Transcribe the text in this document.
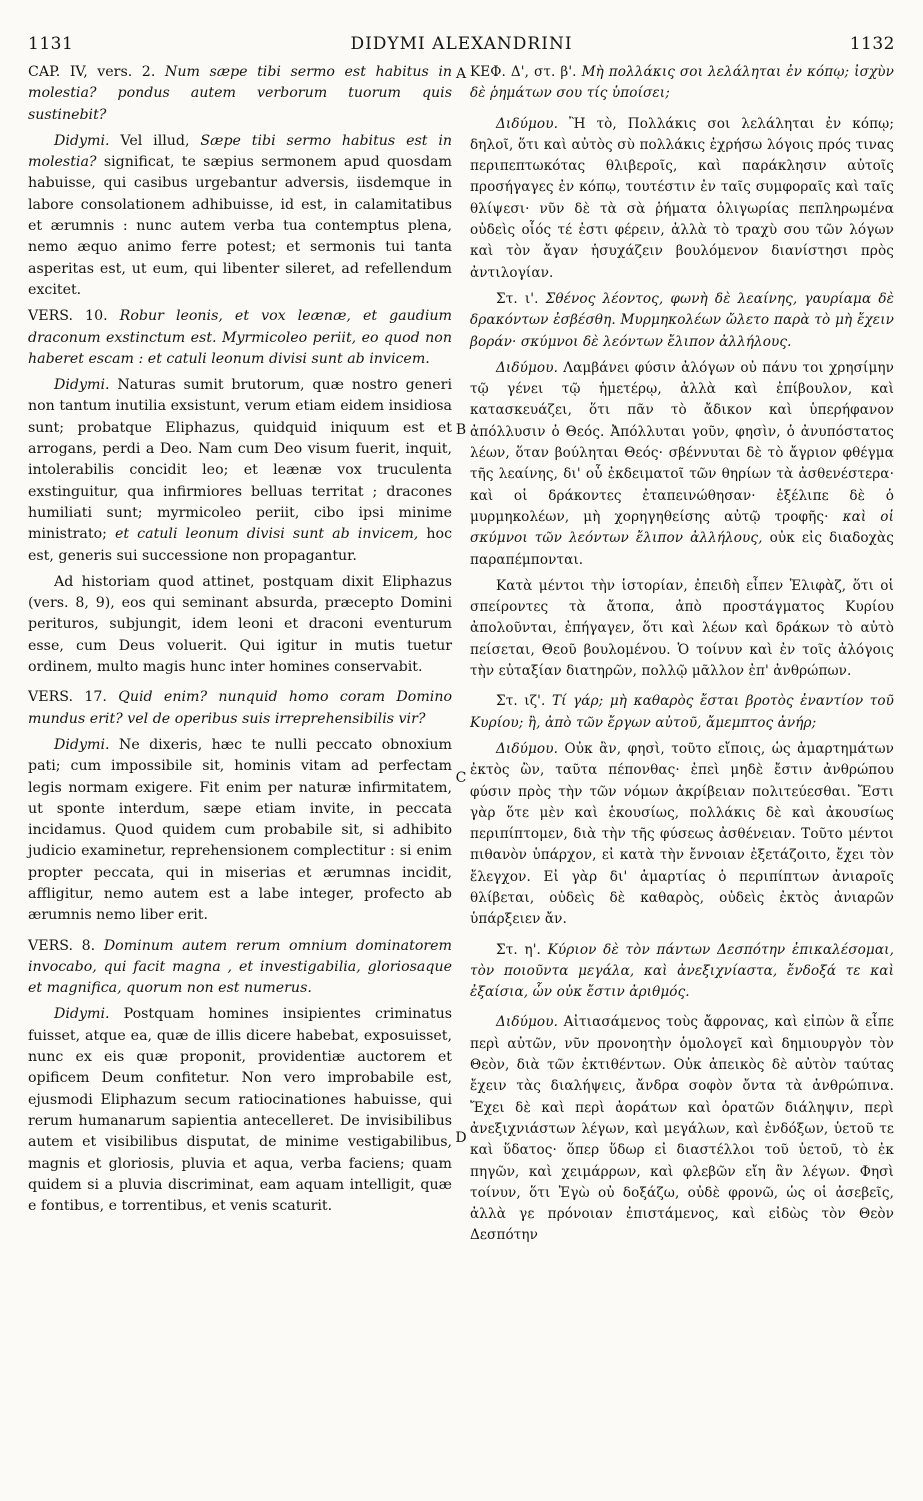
1131	DIDYMI ALEXANDRINI	1132
A
B
C
D

CAP. IV, vers. 2. Num sæpe tibi sermo est habitus in molestia? pondus autem verborum tuorum quis sustinebit?

Didymi. Vel illud, Sæpe tibi sermo habitus est in molestia? significat, te sæpius sermonem apud quosdam habuisse, qui casibus urgebantur adversis, iisdemque in labore consolationem adhibuisse, id est, in calamitatibus et ærumnis : nunc autem verba tua contemptus plena, nemo æquo animo ferre potest; et sermonis tui tanta asperitas est, ut eum, qui libenter sileret, ad refellendum excitet.

VERS. 10. Robur leonis, et vox leænæ, et gaudium draconum exstinctum est. Myrmicoleo periit, eo quod non haberet escam : et catuli leonum divisi sunt ab invicem.

Didymi. Naturas sumit brutorum, quæ nostro generi non tantum inutilia exsistunt, verum etiam eidem insidiosa sunt; probatque Eliphazus, quidquid iniquum est et arrogans, perdi a Deo. Nam cum Deo visum fuerit, inquit, intolerabilis concidit leo; et leænæ vox truculenta exstinguitur, qua infirmiores belluas territat ; dracones humiliati sunt; myrmicoleo periit, cibo ipsi minime ministrato; et catuli leonum divisi sunt ab invicem, hoc est, generis sui successione non propagantur.

Ad historiam quod attinet, postquam dixit Eliphazus (vers. 8, 9), eos qui seminant absurda, præcepto Domini perituros, subjungit, idem leoni et draconi eventurum esse, cum Deus voluerit. Qui igitur in mutis tuetur ordinem, multo magis hunc inter homines conservabit.

VERS. 17. Quid enim? nunquid homo coram Domino mundus erit? vel de operibus suis irreprehensibilis vir?

Didymi. Ne dixeris, hæc te nulli peccato obnoxium pati; cum impossibile sit, hominis vitam ad perfectam legis normam exigere. Fit enim per naturæ infirmitatem, ut sponte interdum, sæpe etiam invite, in peccata incidamus. Quod quidem cum probabile sit, si adhibito judicio examinetur, reprehensionem complectitur : si enim propter peccata, qui in miserias et ærumnas incidit, affligitur, nemo autem est a labe integer, profecto ab ærumnis nemo liber erit.

VERS. 8. Dominum autem rerum omnium dominatorem invocabo, qui facit magna , et investigabilia, gloriosaque et magnifica, quorum non est numerus.

Didymi. Postquam homines insipientes criminatus fuisset, atque ea, quæ de illis dicere habebat, exposuisset, nunc ex eis quæ proponit, providentiæ auctorem et opificem Deum confitetur. Non vero improbabile est, ejusmodi Eliphazum secum ratiocinationes habuisse, qui rerum humanarum sapientia antecelleret. De invisibilibus autem et visibilibus disputat, de minime vestigabilibus, magnis et gloriosis, pluvia et aqua, verba faciens; quam quidem si a pluvia discriminat, eam aquam intelligit, quæ e fontibus, e torrentibus, et venis scaturit.

ΚΕΦ. Δ', στ. β'. Μὴ πολλάκις σοι λελάληται ἐν κόπῳ; ἰσχὺν δὲ ῥημάτων σου τίς ὑποίσει;

Διδύμου. Ἢ τὸ, Πολλάκις σοι λελάληται ἐν κόπῳ; δηλοῖ, ὅτι καὶ αὐτὸς σὺ πολλάκις ἐχρήσω λόγοις πρός τινας περιπεπτωκότας θλιβεροῖς, καὶ παράκλησιν αὐτοῖς προσήγαγες ἐν κόπῳ, τουτέστιν ἐν ταῖς συμφοραῖς καὶ ταῖς θλίψεσι· νῦν δὲ τὰ σὰ ῥήματα ὀλιγωρίας πεπληρωμένα οὐδεὶς οἷός τέ ἐστι φέρειν, ἀλλὰ τὸ τραχὺ σου τῶν λόγων καὶ τὸν ἄγαν ἡσυχάζειν βουλόμενον διανίστησι πρὸς ἀντιλογίαν.

Στ. ι'. Σθένος λέοντος, φωνὴ δὲ λεαίνης, γαυρίαμα δὲ δρακόντων ἐσβέσθη. Μυρμηκολέων ὤλετο παρὰ τὸ μὴ ἔχειν βοράν· σκύμνοι δὲ λεόντων ἔλιπον ἀλλήλους.

Διδύμου. Λαμβάνει φύσιν ἀλόγων οὐ πάνυ τοι χρησίμην τῷ γένει τῷ ἡμετέρῳ, ἀλλὰ καὶ ἐπίβουλον, καὶ κατασκευάζει, ὅτι πᾶν τὸ ἄδικον καὶ ὑπερήφανον ἀπόλλυσιν ὁ Θεός. Ἀπόλλυται γοῦν, φησὶν, ὁ ἀνυπόστατος λέων, ὅταν βούληται Θεός· σβέννυται δὲ τὸ ἄγριον φθέγμα τῆς λεαίνης, δι' οὗ ἐκδειματοῖ τῶν θηρίων τὰ ἀσθενέστερα· καὶ οἱ δράκοντες ἐταπεινώθησαν· ἐξέλιπε δὲ ὁ μυρμηκολέων, μὴ χορηγηθείσης αὐτῷ τροφῆς· καὶ οἱ σκύμνοι τῶν λεόντων ἔλιπον ἀλλήλους, οὐκ εἰς διαδοχὰς παραπέμπονται.

Κατὰ μέντοι τὴν ἱστορίαν, ἐπειδὴ εἶπεν Ἐλιφὰζ, ὅτι οἱ σπείροντες τὰ ἄτοπα, ἀπὸ προστάγματος Κυρίου ἀπολοῦνται, ἐπήγαγεν, ὅτι καὶ λέων καὶ δράκων τὸ αὐτὸ πείσεται, Θεοῦ βουλομένου. Ὁ τοίνυν καὶ ἐν τοῖς ἀλόγοις τὴν εὐταξίαν διατηρῶν, πολλῷ μᾶλλον ἐπ' ἀνθρώπων.

Στ. ιζ'. Τί γάρ; μὴ καθαρὸς ἔσται βροτὸς ἐναντίον τοῦ Κυρίου; ἢ, ἀπὸ τῶν ἔργων αὐτοῦ, ἄμεμπτος ἀνήρ;

Διδύμου. Οὐκ ἂν, φησὶ, τοῦτο εἴποις, ὡς ἀμαρτημάτων ἐκτὸς ὢν, ταῦτα πέπονθας· ἐπεὶ μηδὲ ἔστιν ἀνθρώπου φύσιν πρὸς τὴν τῶν νόμων ἀκρίβειαν πολιτεύεσθαι. Ἔστι γὰρ ὅτε μὲν καὶ ἑκουσίως, πολλάκις δὲ καὶ ἀκουσίως περιπίπτομεν, διὰ τὴν τῆς φύσεως ἀσθένειαν. Τοῦτο μέντοι πιθανὸν ὑπάρχον, εἰ κατὰ τὴν ἔννοιαν ἐξετάζοιτο, ἔχει τὸν ἔλεγχον. Εἰ γὰρ δι' ἁμαρτίας ὁ περιπίπτων ἀνιαροῖς θλίβεται, οὐδεὶς δὲ καθαρὸς, οὐδεὶς ἐκτὸς ἀνιαρῶν ὑπάρξειεν ἄν.

Στ. η'. Κύριον δὲ τὸν πάντων Δεσπότην ἐπικαλέσομαι, τὸν ποιοῦντα μεγάλα, καὶ ἀνεξιχνίαστα, ἔνδοξά τε καὶ ἐξαίσια, ὧν οὐκ ἔστιν ἀριθμός.

Διδύμου. Αἰτιασάμενος τοὺς ἄφρονας, καὶ εἰπὼν ἃ εἶπε περὶ αὐτῶν, νῦν προνοητὴν ὁμολογεῖ καὶ δημιουργὸν τὸν Θεὸν, διὰ τῶν ἐκτιθέντων. Οὐκ ἀπεικὸς δὲ αὐτὸν ταύτας ἔχειν τὰς διαλήψεις, ἄνδρα σοφὸν ὄντα τὰ ἀνθρώπινα. Ἔχει δὲ καὶ περὶ ἀοράτων καὶ ὁρατῶν διάληψιν, περὶ ἀνεξιχνιάστων λέγων, καὶ μεγάλων, καὶ ἐνδόξων, ὑετοῦ τε καὶ ὕδατος· ὅπερ ὕδωρ εἰ διαστέλλοι τοῦ ὑετοῦ, τὸ ἐκ πηγῶν, καὶ χειμάρρων, καὶ φλεβῶν εἴη ἂν λέγων. Φησὶ τοίνυν, ὅτι Ἐγὼ οὐ δοξάζω, οὐδὲ φρονῶ, ὡς οἱ ἀσεβεῖς, ἀλλὰ γε πρόνοιαν ἐπιστάμενος, καὶ εἰδὼς τὸν Θεὸν Δεσπότην
